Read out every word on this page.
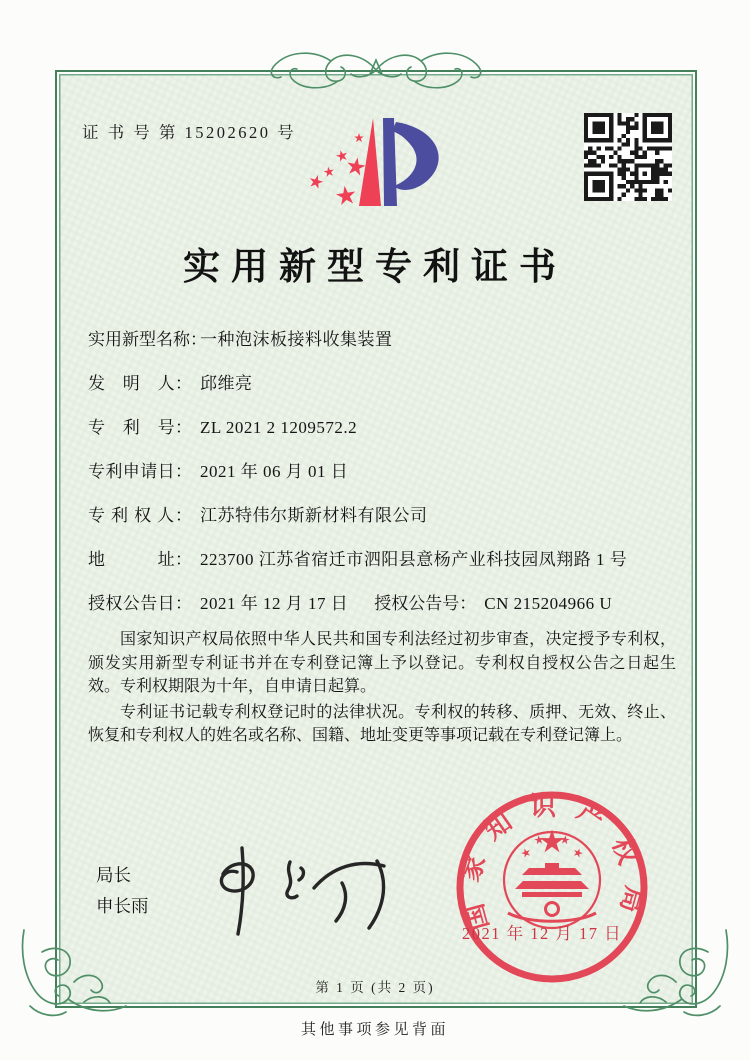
证 书 号 第 15202620 号
实用新型专利证书
实用新型名称：一种泡沫板接料收集装置
发　明　人： 邱维亮
专　利　号： ZL 2021 2 1209572.2
专利申请日： 2021 年 06 月 01 日
专 利 权 人： 江苏特伟尔斯新材料有限公司
地　　　址： 223700 江苏省宿迁市泗阳县意杨产业科技园凤翔路 1 号
授权公告日： 2021 年 12 月 17 日 授权公告号： CN 215204966 U

国家知识产权局依照中华人民共和国专利法经过初步审查，决定授予专利权，颁发实用新型专利证书并在专利登记簿上予以登记。专利权自授权公告之日起生效。专利权期限为十年，自申请日起算。

专利证书记载专利权登记时的法律状况。专利权的转移、质押、无效、终止、恢复和专利权人的姓名或名称、国籍、地址变更等事项记载在专利登记簿上。

局长
申长雨	国家知识产权局
2021 年 12 月 17 日
第 1 页 (共 2 页)
其他事项参见背面
